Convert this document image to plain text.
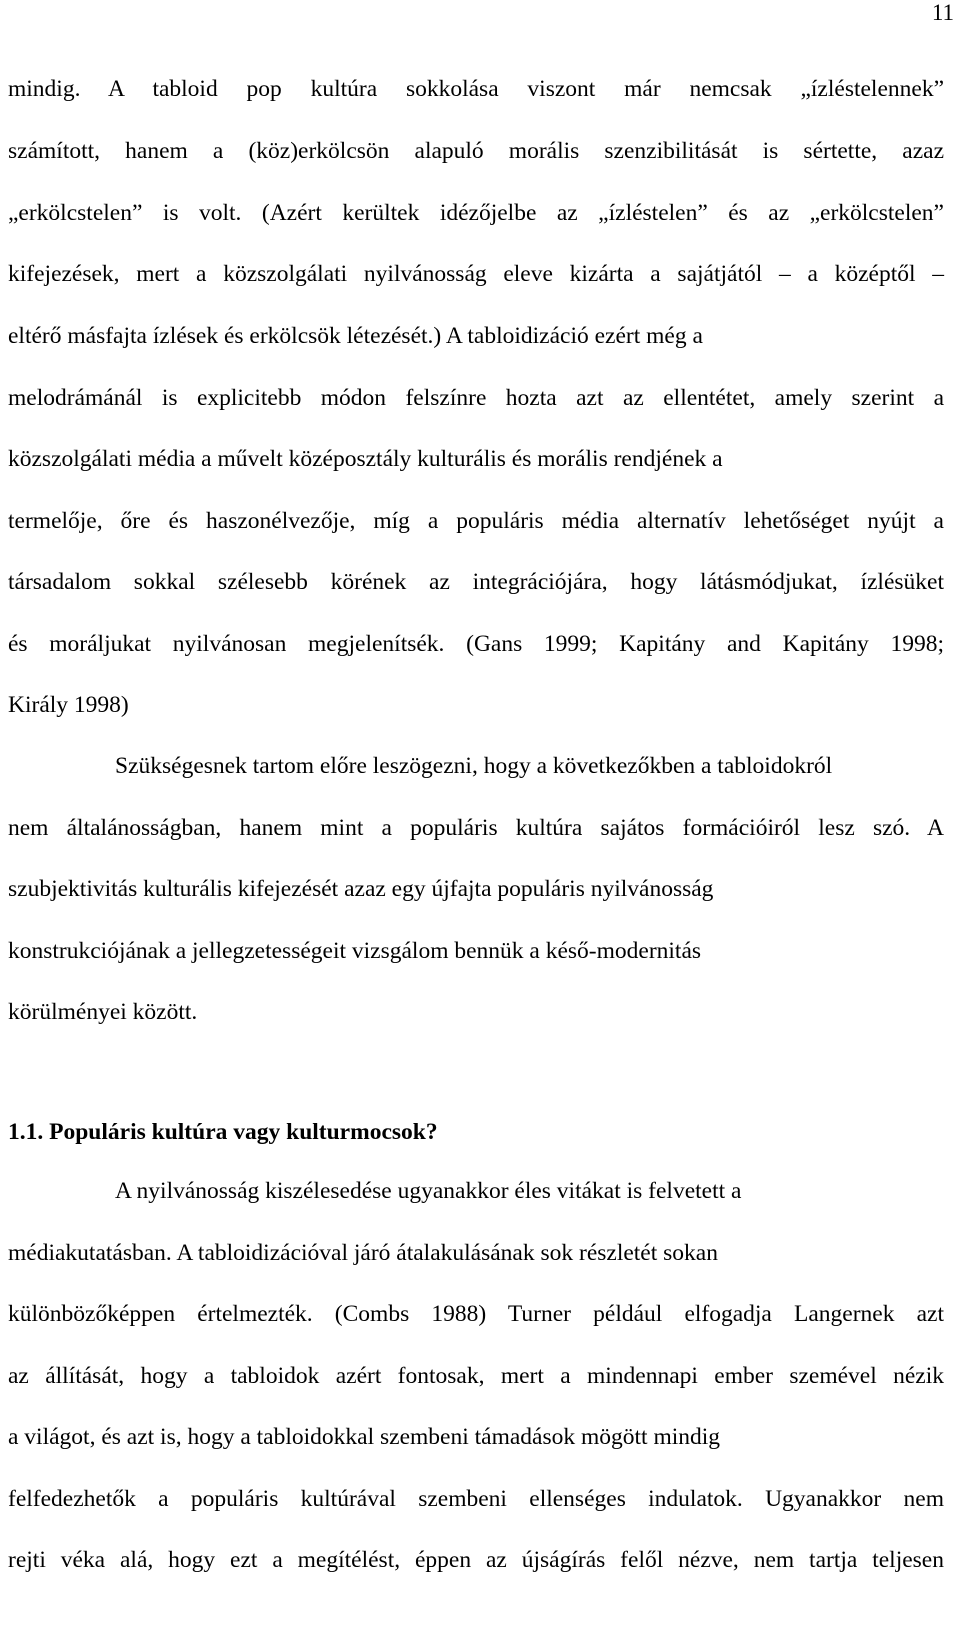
11
mindig. A tabloid pop kultúra sokkolása viszont már nemcsak „ízléstelennek”
számított, hanem a (köz)erkölcsön alapuló morális szenzibilitását is sértette, azaz
„erkölcstelen” is volt. (Azért kerültek idézőjelbe az „ízléstelen” és az „erkölcstelen”
kifejezések, mert a közszolgálati nyilvánosság eleve kizárta a sajátjától – a középtől –
eltérő másfajta ízlések és erkölcsök létezését.) A tabloidizáció ezért még a
melodrámánál is explicitebb módon felszínre hozta azt az ellentétet, amely szerint a
közszolgálati média a művelt középosztály kulturális és morális rendjének a
termelője, őre és haszonélvezője, míg a populáris média alternatív lehetőséget nyújt a
társadalom sokkal szélesebb körének az integrációjára, hogy látásmódjukat, ízlésüket
és moráljukat nyilvánosan megjelenítsék. (Gans 1999; Kapitány and Kapitány 1998;
Király 1998)
Szükségesnek tartom előre leszögezni, hogy a következőkben a tabloidokról
nem általánosságban, hanem mint a populáris kultúra sajátos formációiról lesz szó. A
szubjektivitás kulturális kifejezését azaz egy újfajta populáris nyilvánosság
konstrukciójának a jellegzetességeit vizsgálom bennük a késő-modernitás
körülményei között.
1.1. Populáris kultúra vagy kulturmocsok?
A nyilvánosság kiszélesedése ugyanakkor éles vitákat is felvetett a
médiakutatásban. A tabloidizációval járó átalakulásának sok részletét sokan
különbözőképpen értelmezték. (Combs 1988) Turner például elfogadja Langernek azt
az állítását, hogy a tabloidok azért fontosak, mert a mindennapi ember szemével nézik
a világot, és azt is, hogy a tabloidokkal szembeni támadások mögött mindig
felfedezhetők a populáris kultúrával szembeni ellenséges indulatok. Ugyanakkor nem
rejti véka alá, hogy ezt a megítélést, éppen az újságírás felől nézve, nem tartja teljesen
